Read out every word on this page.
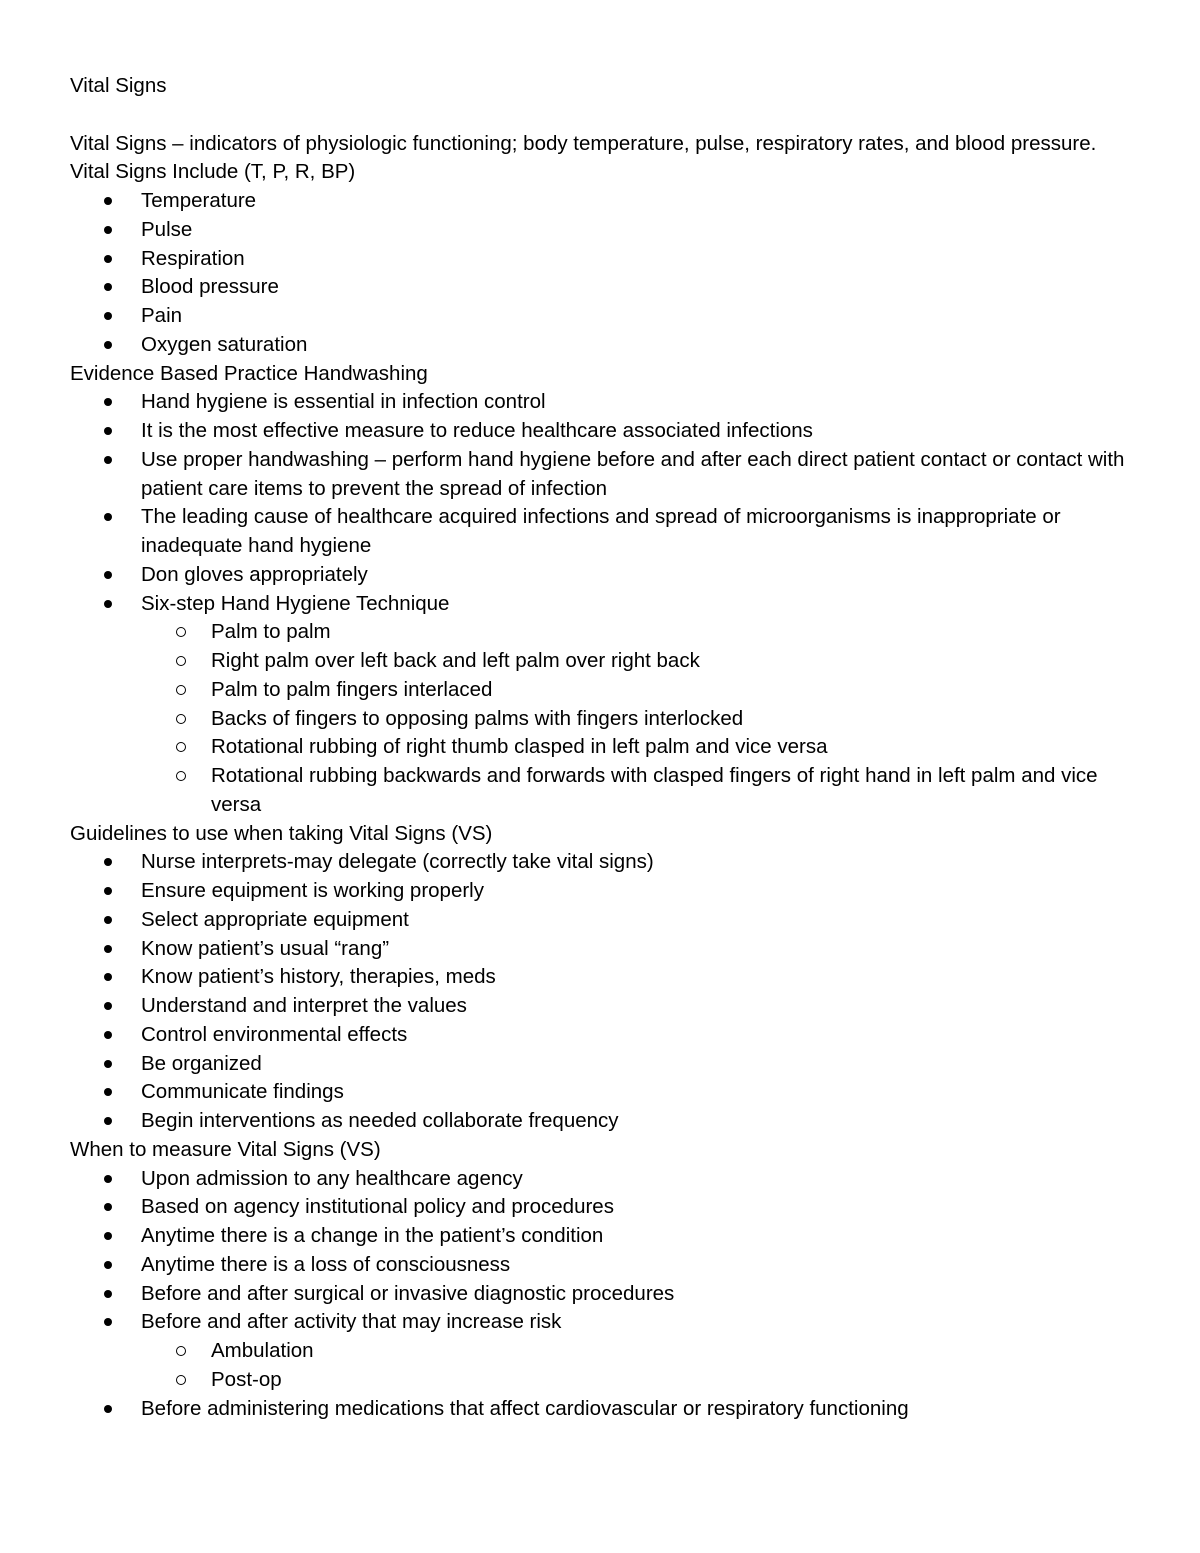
Vital Signs

Vital Signs – indicators of physiologic functioning; body temperature, pulse, respiratory rates, and blood pressure.

Vital Signs Include (T, P, R, BP)

Temperature
Pulse
Respiration
Blood pressure
Pain
Oxygen saturation

Evidence Based Practice Handwashing

Hand hygiene is essential in infection control
It is the most effective measure to reduce healthcare associated infections
Use proper handwashing – perform hand hygiene before and after each direct patient contact or contact with patient care items to prevent the spread of infection
The leading cause of healthcare acquired infections and spread of microorganisms is inappropriate or inadequate hand hygiene
Don gloves appropriately
Six-step Hand Hygiene Technique
Palm to palm
Right palm over left back and left palm over right back
Palm to palm fingers interlaced
Backs of fingers to opposing palms with fingers interlocked
Rotational rubbing of right thumb clasped in left palm and vice versa
Rotational rubbing backwards and forwards with clasped fingers of right hand in left palm and vice versa

Guidelines to use when taking Vital Signs (VS)

Nurse interprets-may delegate (correctly take vital signs)
Ensure equipment is working properly
Select appropriate equipment
Know patient’s usual “rang”
Know patient’s history, therapies, meds
Understand and interpret the values
Control environmental effects
Be organized
Communicate findings
Begin interventions as needed collaborate frequency

When to measure Vital Signs (VS)

Upon admission to any healthcare agency
Based on agency institutional policy and procedures
Anytime there is a change in the patient’s condition
Anytime there is a loss of consciousness
Before and after surgical or invasive diagnostic procedures
Before and after activity that may increase risk
Ambulation
Post-op
Before administering medications that affect cardiovascular or respiratory functioning
